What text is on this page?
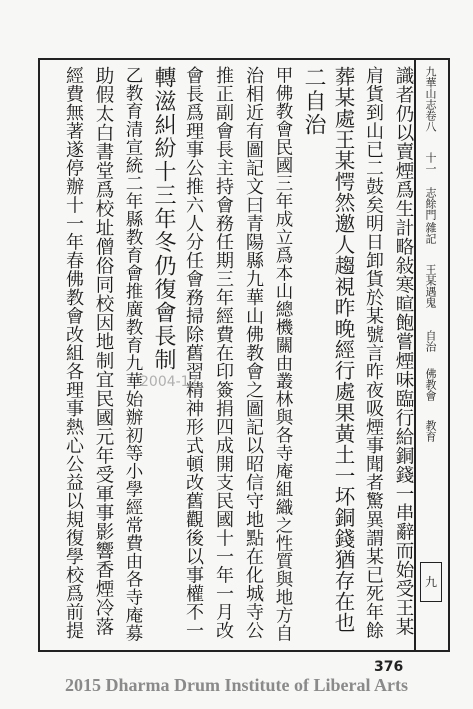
九華山志卷八
十一 志餘門
雜記
王某遇鬼
自治
佛教會
教育
九
識者仍以賣煙爲生計略敍寒暄飽嘗煙味臨行給銅錢一串辭而始受王某
肩貨到山已二鼓矣明日卸貨於某號言昨夜吸煙事聞者驚異謂某已死年餘
葬某處王某愕然邀人趨視昨晚經行處果黃土一坏銅錢猶存在也
二自治
甲佛教會民國三年成立爲本山總機關由叢林與各寺庵組織之性質與地方自
治相近有圖記文曰青陽縣九華山佛教會之圖記以昭信守地點在化城寺公
推正副會長主持會務任期三年經費在印簽捐四成開支民國十一年一月改
會長爲理事公推六人分任會務掃除舊習精神形式頓改舊觀後以事權不一
轉滋糾紛十三年冬仍復會長制
乙教育清宣統二年縣教育會推廣教育九華始辦初等小學經常費由各寺庵募
助假太白書堂爲校址僧俗同校因地制宜民國元年受軍事影響香煙冷落
經費無著遂停辦十一年春佛教會改組各理事熱心公益以規復學校爲前提	2004-17
376
2015 Dharma Drum Institute of Liberal Arts
